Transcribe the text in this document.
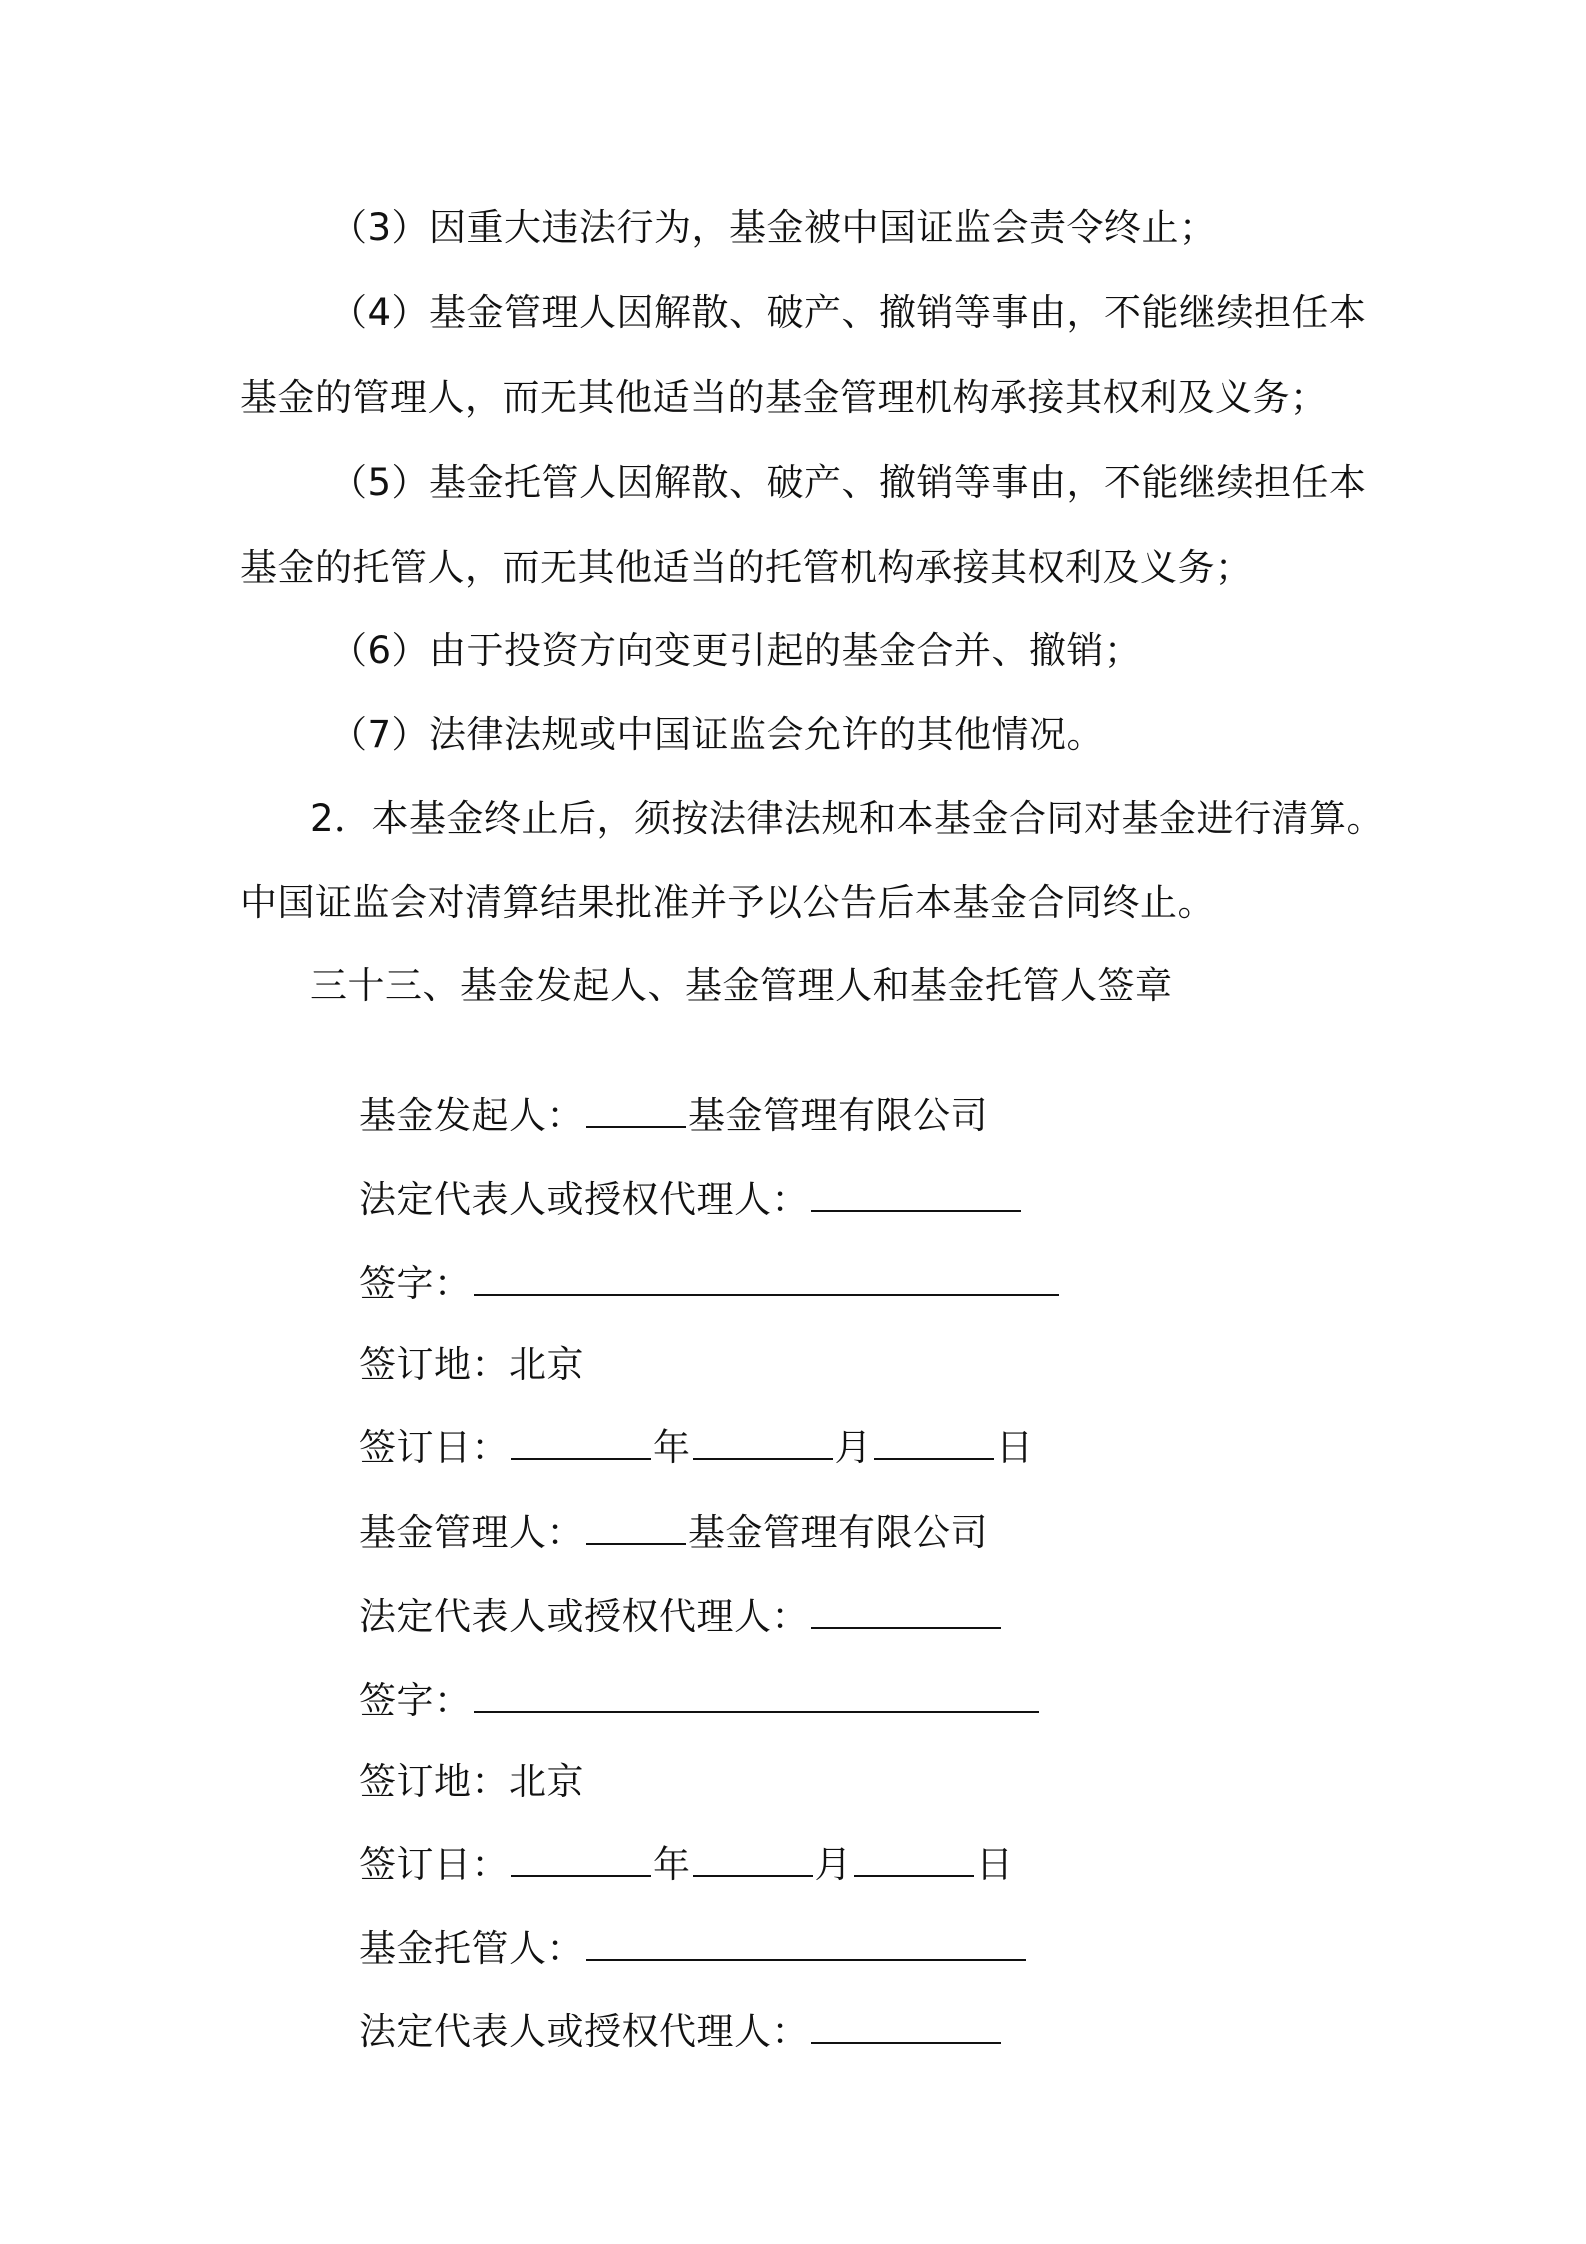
（3）因重大违法行为，基金被中国证监会责令终止；
（4）基金管理人因解散、破产、撤销等事由，不能继续担任本
基金的管理人，而无其他适当的基金管理机构承接其权利及义务；
（5）基金托管人因解散、破产、撤销等事由，不能继续担任本
基金的托管人，而无其他适当的托管机构承接其权利及义务；
（6）由于投资方向变更引起的基金合并、撤销；
（7）法律法规或中国证监会允许的其他情况。
2．本基金终止后，须按法律法规和本基金合同对基金进行清算。
中国证监会对清算结果批准并予以公告后本基金合同终止。
三十三、基金发起人、基金管理人和基金托管人签章

基金发起人：	基金管理有限公司

法定代表人或授权代理人：

签字：

签订地：北京

签订日：	年	月	日

基金管理人：	基金管理有限公司

法定代表人或授权代理人：

签字：

签订地：北京

签订日：	年	月	日

基金托管人：

法定代表人或授权代理人：
